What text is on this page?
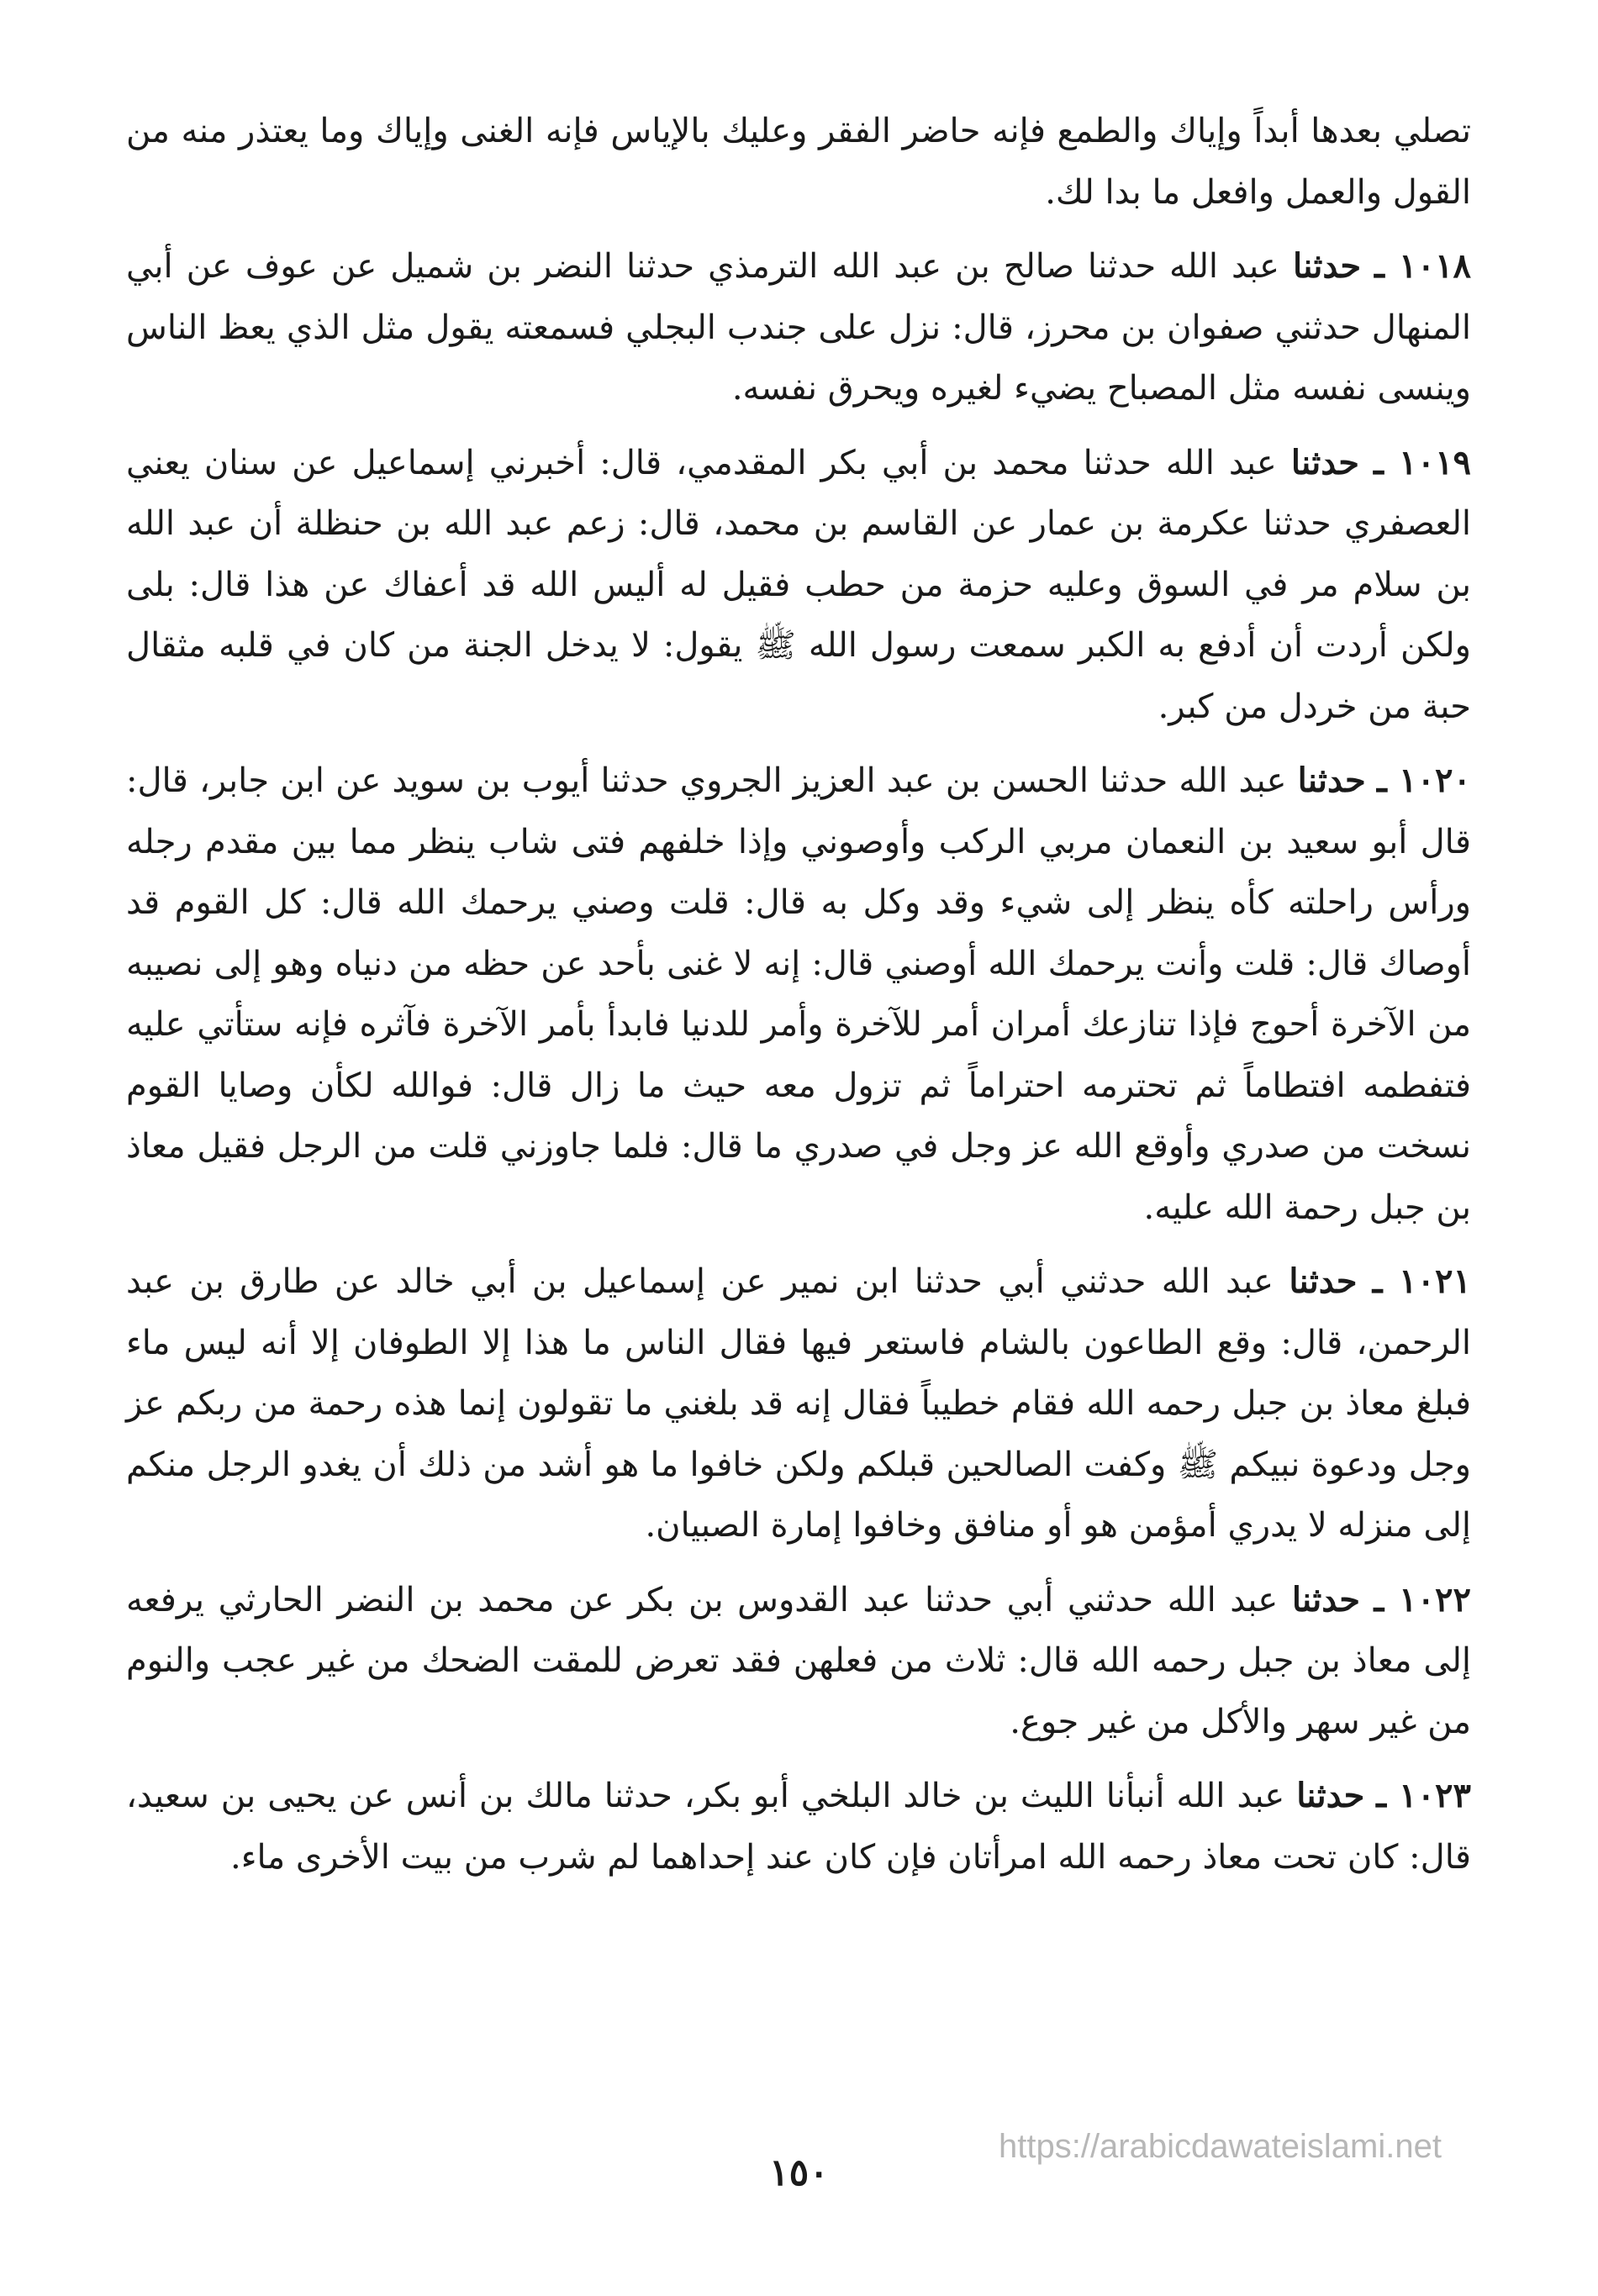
تصلي بعدها أبداً وإياك والطمع فإنه حاضر الفقر وعليك بالإياس فإنه الغنى وإياك وما يعتذر منه من القول والعمل وافعل ما بدا لك.

١٠١٨ ـ حدثنا عبد الله حدثنا صالح بن عبد الله الترمذي حدثنا النضر بن شميل عن عوف عن أبي المنهال حدثني صفوان بن محرز، قال: نزل على جندب البجلي فسمعته يقول مثل الذي يعظ الناس وينسى نفسه مثل المصباح يضيء لغيره ويحرق نفسه.

١٠١٩ ـ حدثنا عبد الله حدثنا محمد بن أبي بكر المقدمي، قال: أخبرني إسماعيل عن سنان يعني العصفري حدثنا عكرمة بن عمار عن القاسم بن محمد، قال: زعم عبد الله بن حنظلة أن عبد الله بن سلام مر في السوق وعليه حزمة من حطب فقيل له أليس الله قد أعفاك عن هذا قال: بلى ولكن أردت أن أدفع به الكبر سمعت رسول الله ﷺ يقول: لا يدخل الجنة من كان في قلبه مثقال حبة من خردل من كبر.

١٠٢٠ ـ حدثنا عبد الله حدثنا الحسن بن عبد العزيز الجروي حدثنا أيوب بن سويد عن ابن جابر، قال: قال أبو سعيد بن النعمان مربي الركب وأوصوني وإذا خلفهم فتى شاب ينظر مما بين مقدم رجله ورأس راحلته كأه ينظر إلى شيء وقد وكل به قال: قلت وصني يرحمك الله قال: كل القوم قد أوصاك قال: قلت وأنت يرحمك الله أوصني قال: إنه لا غنى بأحد عن حظه من دنياه وهو إلى نصيبه من الآخرة أحوج فإذا تنازعك أمران أمر للآخرة وأمر للدنيا فابدأ بأمر الآخرة فآثره فإنه ستأتي عليه فتفطمه افتطاماً ثم تحترمه احتراماً ثم تزول معه حيث ما زال قال: فوالله لكأن وصايا القوم نسخت من صدري وأوقع الله عز وجل في صدري ما قال: فلما جاوزني قلت من الرجل فقيل معاذ بن جبل رحمة الله عليه.

١٠٢١ ـ حدثنا عبد الله حدثني أبي حدثنا ابن نمير عن إسماعيل بن أبي خالد عن طارق بن عبد الرحمن، قال: وقع الطاعون بالشام فاستعر فيها فقال الناس ما هذا إلا الطوفان إلا أنه ليس ماء فبلغ معاذ بن جبل رحمه الله فقام خطيباً فقال إنه قد بلغني ما تقولون إنما هذه رحمة من ربكم عز وجل ودعوة نبيكم ﷺ وكفت الصالحين قبلكم ولكن خافوا ما هو أشد من ذلك أن يغدو الرجل منكم إلى منزله لا يدري أمؤمن هو أو منافق وخافوا إمارة الصبيان.

١٠٢٢ ـ حدثنا عبد الله حدثني أبي حدثنا عبد القدوس بن بكر عن محمد بن النضر الحارثي يرفعه إلى معاذ بن جبل رحمه الله قال: ثلاث من فعلهن فقد تعرض للمقت الضحك من غير عجب والنوم من غير سهر والأكل من غير جوع.

١٠٢٣ ـ حدثنا عبد الله أنبأنا الليث بن خالد البلخي أبو بكر، حدثنا مالك بن أنس عن يحيى بن سعيد، قال: كان تحت معاذ رحمه الله امرأتان فإن كان عند إحداهما لم شرب من بيت الأخرى ماء.

https://arabicdawateislami.net
١٥٠
